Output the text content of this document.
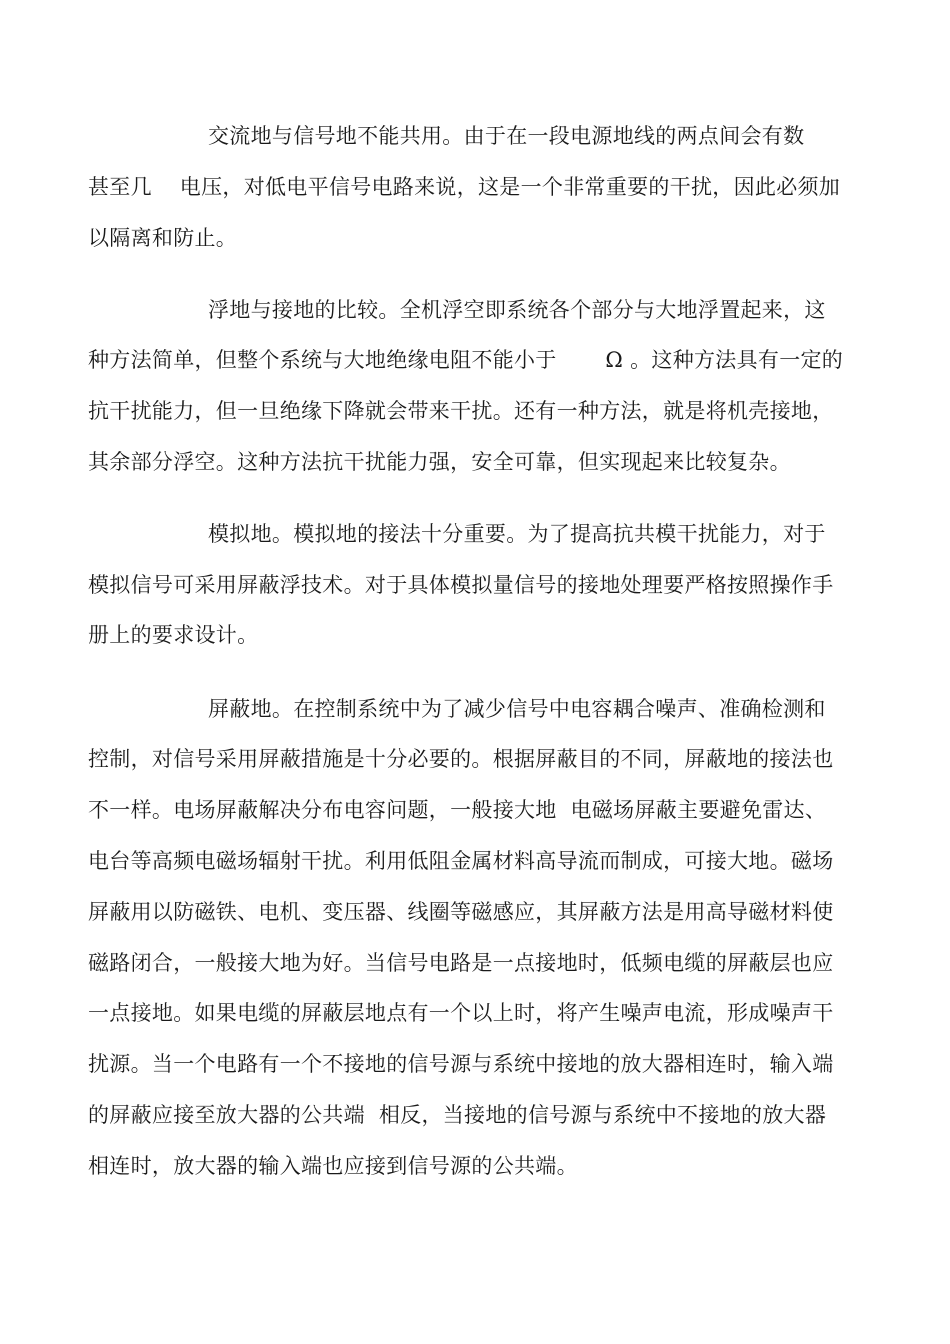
交流地与信号地不能共用。由于在一段电源地线的两点间会有数
甚至几    电压，对低电平信号电路来说，这是一个非常重要的干扰，因此必须加
以隔离和防止。
浮地与接地的比较。全机浮空即系统各个部分与大地浮置起来，这
种方法简单，但整个系统与大地绝缘电阻不能小于       Ω 。这种方法具有一定的
抗干扰能力，但一旦绝缘下降就会带来干扰。还有一种方法，就是将机壳接地，
其余部分浮空。这种方法抗干扰能力强，安全可靠，但实现起来比较复杂。
模拟地。模拟地的接法十分重要。为了提高抗共模干扰能力，对于
模拟信号可采用屏蔽浮技术。对于具体模拟量信号的接地处理要严格按照操作手
册上的要求设计。
屏蔽地。在控制系统中为了减少信号中电容耦合噪声、准确检测和
控制，对信号采用屏蔽措施是十分必要的。根据屏蔽目的不同，屏蔽地的接法也
不一样。电场屏蔽解决分布电容问题，一般接大地  电磁场屏蔽主要避免雷达、
电台等高频电磁场辐射干扰。利用低阻金属材料高导流而制成，可接大地。磁场
屏蔽用以防磁铁、电机、变压器、线圈等磁感应，其屏蔽方法是用高导磁材料使
磁路闭合，一般接大地为好。当信号电路是一点接地时，低频电缆的屏蔽层也应
一点接地。如果电缆的屏蔽层地点有一个以上时，将产生噪声电流，形成噪声干
扰源。当一个电路有一个不接地的信号源与系统中接地的放大器相连时，输入端
的屏蔽应接至放大器的公共端  相反，当接地的信号源与系统中不接地的放大器
相连时，放大器的输入端也应接到信号源的公共端。
